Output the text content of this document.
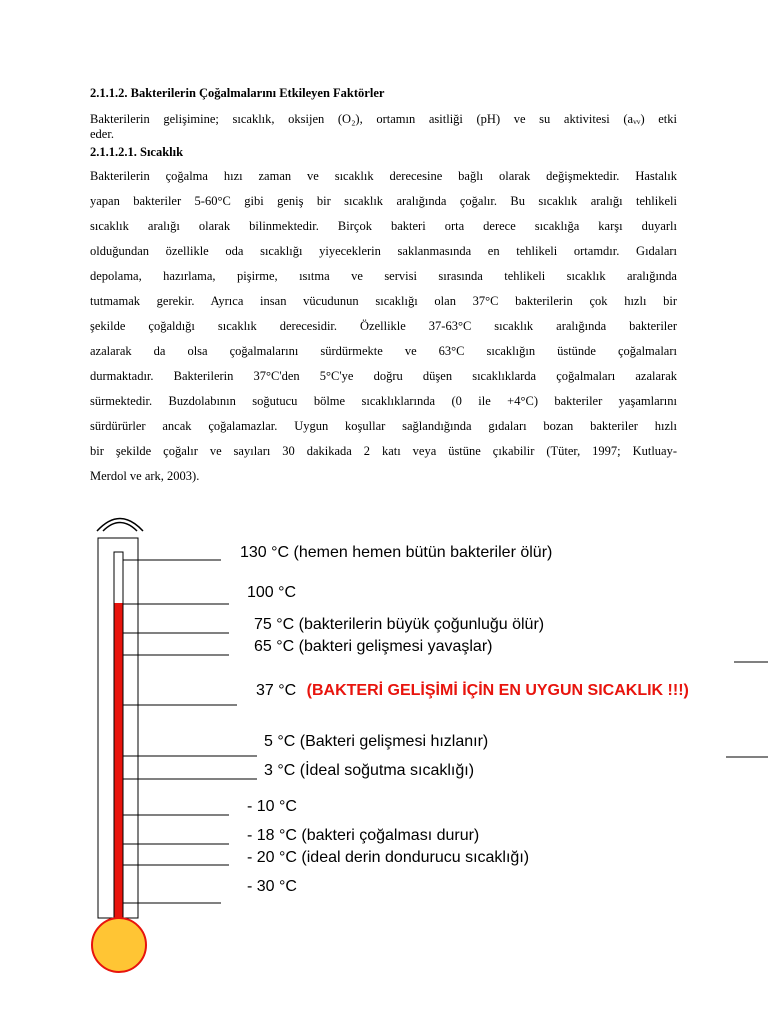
2.1.1.2. Bakterilerin Çoğalmalarını Etkileyen Faktörler
Bakterilerin gelişimine; sıcaklık, oksijen (O₂), ortamın asitliği (pH) ve su aktivitesi (aᵥᵥ) etki
eder.
2.1.1.2.1. Sıcaklık
Bakterilerin çoğalma hızı zaman ve sıcaklık derecesine bağlı olarak değişmektedir. Hastalık
yapan bakteriler 5-60°C gibi geniş bir sıcaklık aralığında çoğalır. Bu sıcaklık aralığı tehlikeli
sıcaklık aralığı olarak bilinmektedir. Birçok bakteri orta derece sıcaklığa karşı duyarlı
olduğundan özellikle oda sıcaklığı yiyeceklerin saklanmasında en tehlikeli ortamdır. Gıdaları
depolama, hazırlama, pişirme, ısıtma ve servisi sırasında tehlikeli sıcaklık aralığında
tutmamak gerekir. Ayrıca insan vücudunun sıcaklığı olan 37°C bakterilerin çok hızlı bir
şekilde çoğaldığı sıcaklık derecesidir. Özellikle 37-63°C sıcaklık aralığında bakteriler
azalarak da olsa çoğalmalarını sürdürmekte ve 63°C sıcaklığın üstünde çoğalmaları
durmaktadır. Bakterilerin 37°C'den 5°C'ye doğru düşen sıcaklıklarda çoğalmaları azalarak
sürmektedir. Buzdolabının soğutucu bölme sıcaklıklarında (0 ile +4°C) bakteriler yaşamlarını
sürdürürler ancak çoğalamazlar. Uygun koşullar sağlandığında gıdaları bozan bakteriler hızlı
bir şekilde çoğalır ve sayıları 30 dakikada 2 katı veya üstüne çıkabilir (Tüter, 1997; Kutluay-
Merdol ve ark, 2003).
130 °C (hemen hemen bütün bakteriler ölür)
100 °C
75 °C (bakterilerin büyük çoğunluğu ölür)
65 °C (bakteri gelişmesi yavaşlar)
37 °C (BAKTERİ GELİŞİMİ İÇİN EN UYGUN SICAKLIK !!!)
5 °C (Bakteri gelişmesi hızlanır)
3 °C (İdeal soğutma sıcaklığı)
- 10 °C
- 18 °C (bakteri çoğalması durur)
- 20 °C (ideal derin dondurucu sıcaklığı)
- 30 °C
